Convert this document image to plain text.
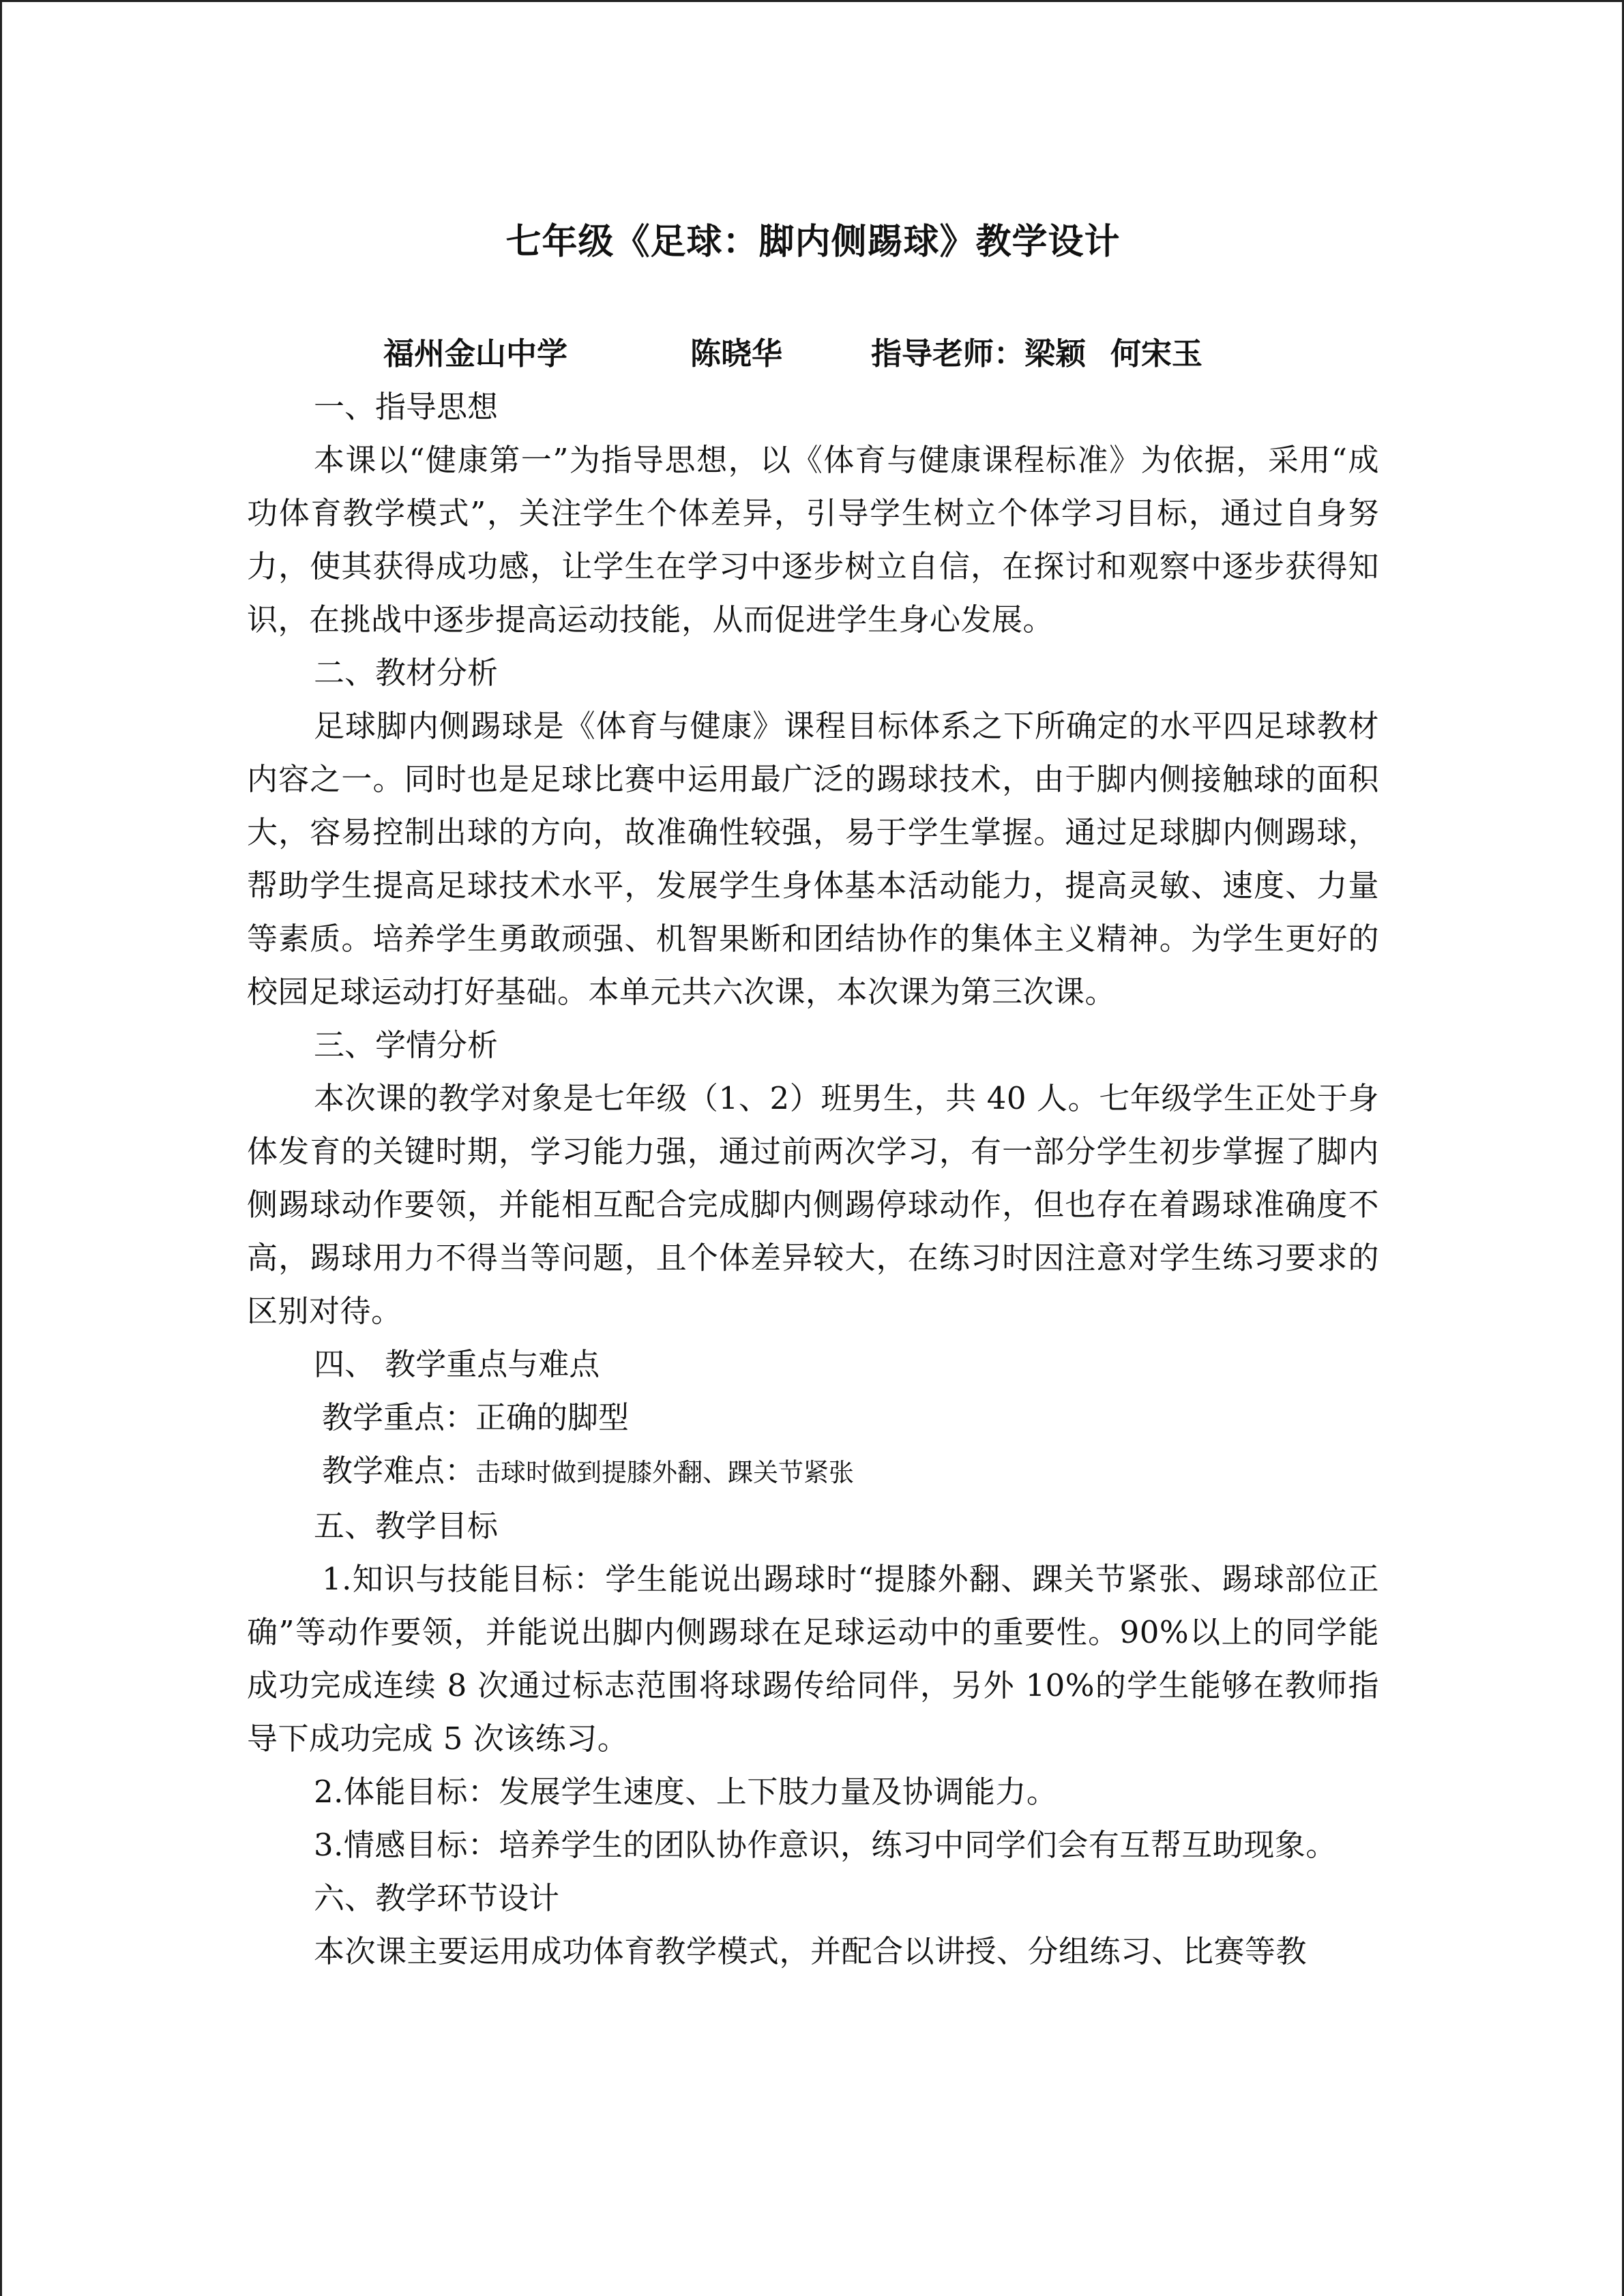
七年级《足球：脚内侧踢球》教学设计
福州金山中学	陈晓华	指导老师：梁颖 何宋玉

一、指导思想

本课以“健康第一”为指导思想，以《体育与健康课程标准》为依据，采用“成功体育教学模式”，关注学生个体差异，引导学生树立个体学习目标，通过自身努力，使其获得成功感，让学生在学习中逐步树立自信，在探讨和观察中逐步获得知识，在挑战中逐步提高运动技能，从而促进学生身心发展。

二、教材分析

足球脚内侧踢球是《体育与健康》课程目标体系之下所确定的水平四足球教材内容之一。同时也是足球比赛中运用最广泛的踢球技术，由于脚内侧接触球的面积大，容易控制出球的方向，故准确性较强，易于学生掌握。通过足球脚内侧踢球，帮助学生提高足球技术水平，发展学生身体基本活动能力，提高灵敏、速度、力量等素质。培养学生勇敢顽强、机智果断和团结协作的集体主义精神。为学生更好的校园足球运动打好基础。本单元共六次课，本次课为第三次课。

三、学情分析

本次课的教学对象是七年级（1、2）班男生，共 40 人。七年级学生正处于身体发育的关键时期，学习能力强，通过前两次学习，有一部分学生初步掌握了脚内侧踢球动作要领，并能相互配合完成脚内侧踢停球动作，但也存在着踢球准确度不高，踢球用力不得当等问题，且个体差异较大，在练习时因注意对学生练习要求的区别对待。

四、 教学重点与难点

教学重点：正确的脚型

教学难点：击球时做到提膝外翻、踝关节紧张

五、教学目标

1.知识与技能目标：学生能说出踢球时“提膝外翻、踝关节紧张、踢球部位正确”等动作要领，并能说出脚内侧踢球在足球运动中的重要性。90%以上的同学能成功完成连续 8 次通过标志范围将球踢传给同伴，另外 10%的学生能够在教师指导下成功完成 5 次该练习。

2.体能目标：发展学生速度、上下肢力量及协调能力。

3.情感目标：培养学生的团队协作意识，练习中同学们会有互帮互助现象。

六、教学环节设计

本次课主要运用成功体育教学模式，并配合以讲授、分组练习、比赛等教
